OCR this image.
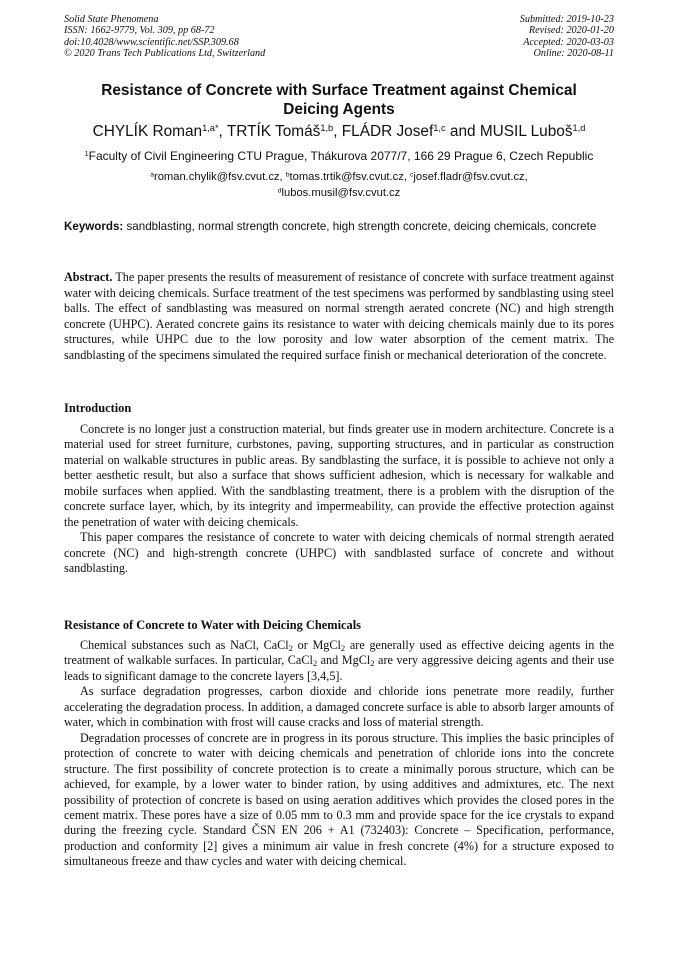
Solid State Phenomena
ISSN: 1662-9779, Vol. 309, pp 68-72
doi:10.4028/www.scientific.net/SSP.309.68
© 2020 Trans Tech Publications Ltd, Switzerland
Submitted: 2019-10-23
Revised: 2020-01-20
Accepted: 2020-03-03
Online: 2020-08-11
Resistance of Concrete with Surface Treatment against Chemical
Deicing Agents
CHYLÍK Roman$^{1,a*}$, TRTÍK Tomáš$^{1,b}$, FLÁDR Josef$^{1,c}$ and MUSIL Luboš$^{1,d}$
$^1$Faculty of Civil Engineering CTU Prague, Thákurova 2077/7, 166 29 Prague 6, Czech Republic
$^a$roman.chylik@fsv.cvut.cz, $^b$tomas.trtik@fsv.cvut.cz, $^c$josef.fladr@fsv.cvut.cz,
$^d$lubos.musil@fsv.cvut.cz
Keywords: sandblasting, normal strength concrete, high strength concrete, deicing chemicals, concrete
Abstract. The paper presents the results of measurement of resistance of concrete with surface treatment against water with deicing chemicals. Surface treatment of the test specimens was performed by sandblasting using steel balls. The effect of sandblasting was measured on normal strength aerated concrete (NC) and high strength concrete (UHPC). Aerated concrete gains its resistance to water with deicing chemicals mainly due to its pores structures, while UHPC due to the low porosity and low water absorption of the cement matrix. The sandblasting of the specimens simulated the required surface finish or mechanical deterioration of the concrete.
Introduction

Concrete is no longer just a construction material, but finds greater use in modern architecture. Concrete is a material used for street furniture, curbstones, paving, supporting structures, and in particular as construction material on walkable structures in public areas. By sandblasting the surface, it is possible to achieve not only a better aesthetic result, but also a surface that shows sufficient adhesion, which is necessary for walkable and mobile surfaces when applied. With the sandblasting treatment, there is a problem with the disruption of the concrete surface layer, which, by its integrity and impermeability, can provide the effective protection against the penetration of water with deicing chemicals.

This paper compares the resistance of concrete to water with deicing chemicals of normal strength aerated concrete (NC) and high-strength concrete (UHPC) with sandblasted surface of concrete and without sandblasting.

Resistance of Concrete to Water with Deicing Chemicals

Chemical substances such as NaCl, CaCl$_2$ or MgCl$_2$ are generally used as effective deicing agents in the treatment of walkable surfaces. In particular, CaCl$_2$ and MgCl$_2$ are very aggressive deicing agents and their use leads to significant damage to the concrete layers [3,4,5].

As surface degradation progresses, carbon dioxide and chloride ions penetrate more readily, further accelerating the degradation process. In addition, a damaged concrete surface is able to absorb larger amounts of water, which in combination with frost will cause cracks and loss of material strength.

Degradation processes of concrete are in progress in its porous structure. This implies the basic principles of protection of concrete to water with deicing chemicals and penetration of chloride ions into the concrete structure. The first possibility of concrete protection is to create a minimally porous structure, which can be achieved, for example, by a lower water to binder ration, by using additives and admixtures, etc. The next possibility of protection of concrete is based on using aeration additives which provides the closed pores in the cement matrix. These pores have a size of 0.05 mm to 0.3 mm and provide space for the ice crystals to expand during the freezing cycle. Standard ČSN EN 206 + A1 (732403): Concrete – Specification, performance, production and conformity [2] gives a minimum air value in fresh concrete (4%) for a structure exposed to simultaneous freeze and thaw cycles and water with deicing chemical.
